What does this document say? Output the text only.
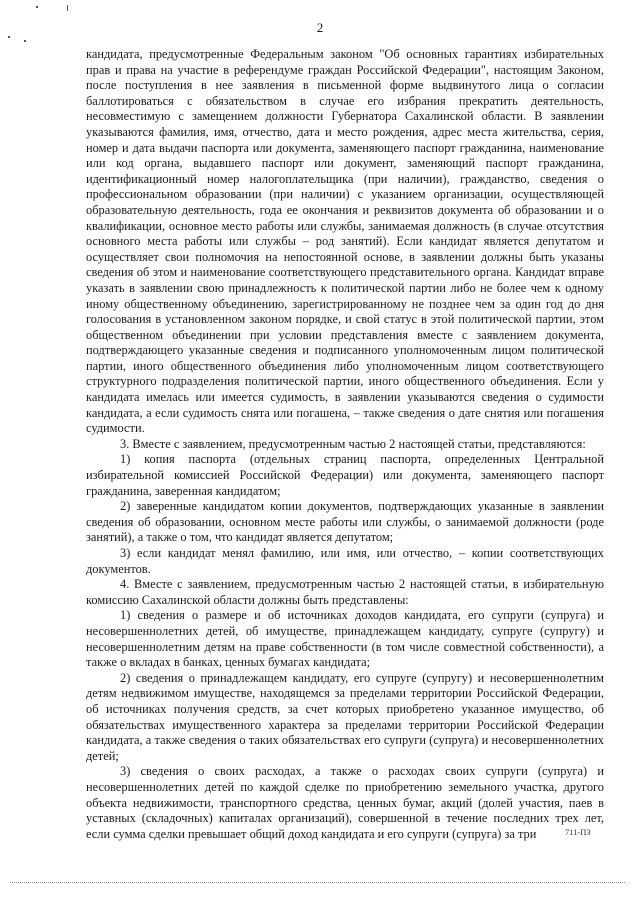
2

кандидата, предусмотренные Федеральным законом "Об основных гарантиях избирательных прав и права на участие в референдуме граждан Российской Федерации", настоящим Законом, после поступления в нее заявления в письменной форме выдвинутого лица о согласии баллотироваться с обязательством в случае его избрания прекратить деятельность, несовместимую с замещением должности Губернатора Сахалинской области. В заявлении указываются фамилия, имя, отчество, дата и место рождения, адрес места жительства, серия, номер и дата выдачи паспорта или документа, заменяющего паспорт гражданина, наименование или код органа, выдавшего паспорт или документ, заменяющий паспорт гражданина, идентификационный номер налогоплательщика (при наличии), гражданство, сведения о профессиональном образовании (при наличии) с указанием организации, осуществляющей образовательную деятельность, года ее окончания и реквизитов документа об образовании и о квалификации, основное место работы или службы, занимаемая должность (в случае отсутствия основного места работы или службы – род занятий). Если кандидат является депутатом и осуществляет свои полномочия на непостоянной основе, в заявлении должны быть указаны сведения об этом и наименование соответствующего представительного органа. Кандидат вправе указать в заявлении свою принадлежность к политической партии либо не более чем к одному иному общественному объединению, зарегистрированному не позднее чем за один год до дня голосования в установленном законом порядке, и свой статус в этой политической партии, этом общественном объединении при условии представления вместе с заявлением документа, подтверждающего указанные сведения и подписанного уполномоченным лицом политической партии, иного общественного объединения либо уполномоченным лицом соответствующего структурного подразделения политической партии, иного общественного объединения. Если у кандидата имелась или имеется судимость, в заявлении указываются сведения о судимости кандидата, а если судимость снята или погашена, – также сведения о дате снятия или погашения судимости.

3. Вместе с заявлением, предусмотренным частью 2 настоящей статьи, представляются:

1) копия паспорта (отдельных страниц паспорта, определенных Центральной избирательной комиссией Российской Федерации) или документа, заменяющего паспорт гражданина, заверенная кандидатом;

2) заверенные кандидатом копии документов, подтверждающих указанные в заявлении сведения об образовании, основном месте работы или службы, о занимаемой должности (роде занятий), а также о том, что кандидат является депутатом;

3) если кандидат менял фамилию, или имя, или отчество, – копии соответствующих документов.

4. Вместе с заявлением, предусмотренным частью 2 настоящей статьи, в избирательную комиссию Сахалинской области должны быть представлены:

1) сведения о размере и об источниках доходов кандидата, его супруги (супруга) и несовершеннолетних детей, об имуществе, принадлежащем кандидату, супруге (супругу) и несовершеннолетним детям на праве собственности (в том числе совместной собственности), а также о вкладах в банках, ценных бумагах кандидата;

2) сведения о принадлежащем кандидату, его супруге (супругу) и несовершеннолетним детям недвижимом имуществе, находящемся за пределами территории Российской Федерации, об источниках получения средств, за счет которых приобретено указанное имущество, об обязательствах имущественного характера за пределами территории Российской Федерации кандидата, а также сведения о таких обязательствах его супруги (супруга) и несовершеннолетних детей;

3) сведения о своих расходах, а также о расходах своих супруги (супруга) и несовершеннолетних детей по каждой сделке по приобретению земельного участка, другого объекта недвижимости, транспортного средства, ценных бумаг, акций (долей участия, паев в уставных (складочных) капиталах организаций), совершенной в течение последних трех лет, если сумма сделки превышает общий доход кандидата и его супруги (супруга) за три	711-ПЗ
